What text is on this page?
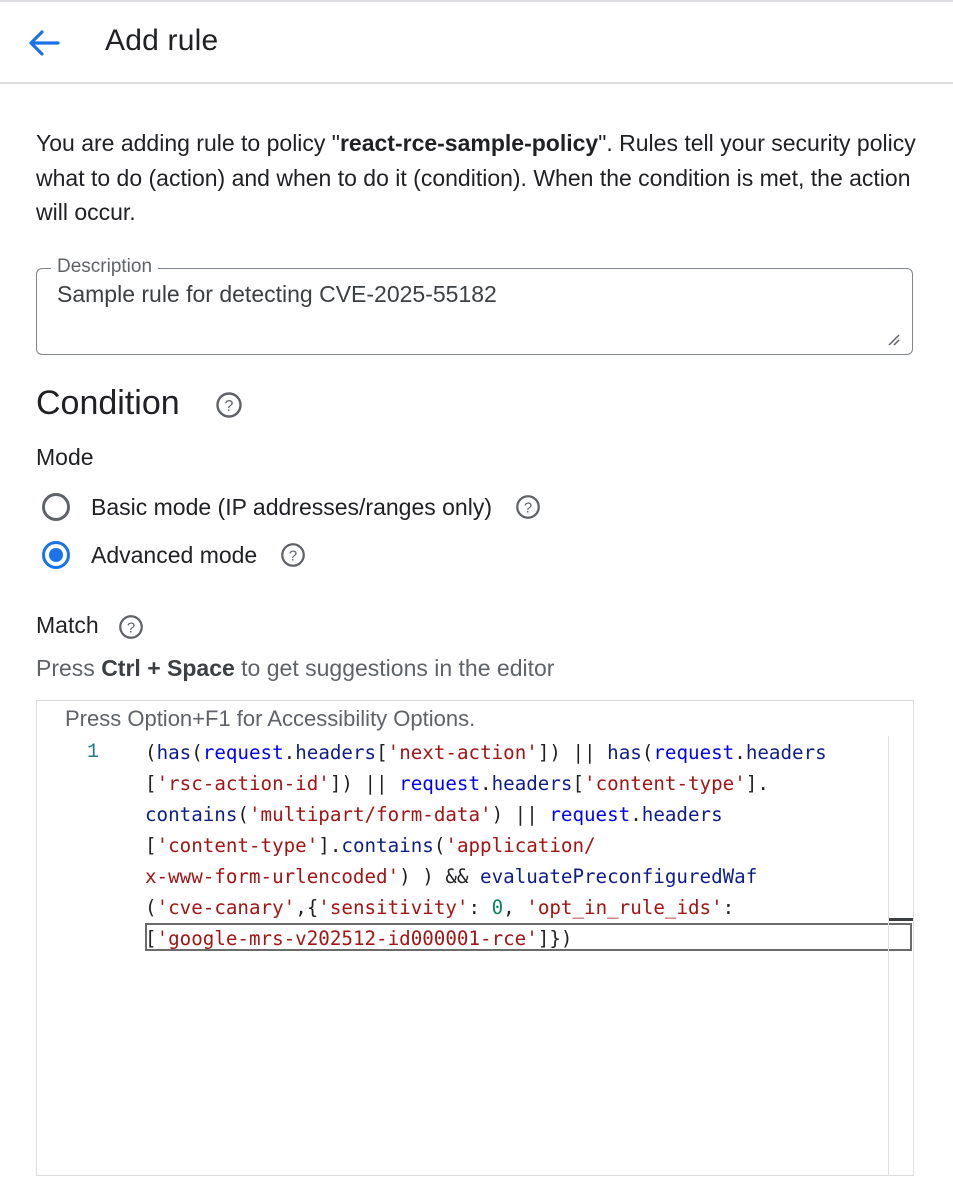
Add rule
You are adding rule to policy "react-rce-sample-policy". Rules tell your security policy what to do (action) and when to do it (condition). When the condition is met, the action will occur.
Description
Sample rule for detecting CVE-2025-55182
Condition	?
Mode
Basic mode (IP addresses/ranges only) ?
Advanced mode ?
Match ?
Press Ctrl + Space to get suggestions in the editor
Press Option+F1 for Accessibility Options.
1 (has(request.headers['next-action']) || has(request.headers
['rsc-action-id']) || request.headers['content-type'].
contains('multipart/form-data') || request.headers
['content-type'].contains('application/
x-www-form-urlencoded') ) && evaluatePreconfiguredWaf
('cve-canary',{'sensitivity': 0, 'opt_in_rule_ids':
['google-mrs-v202512-id000001-rce']})
